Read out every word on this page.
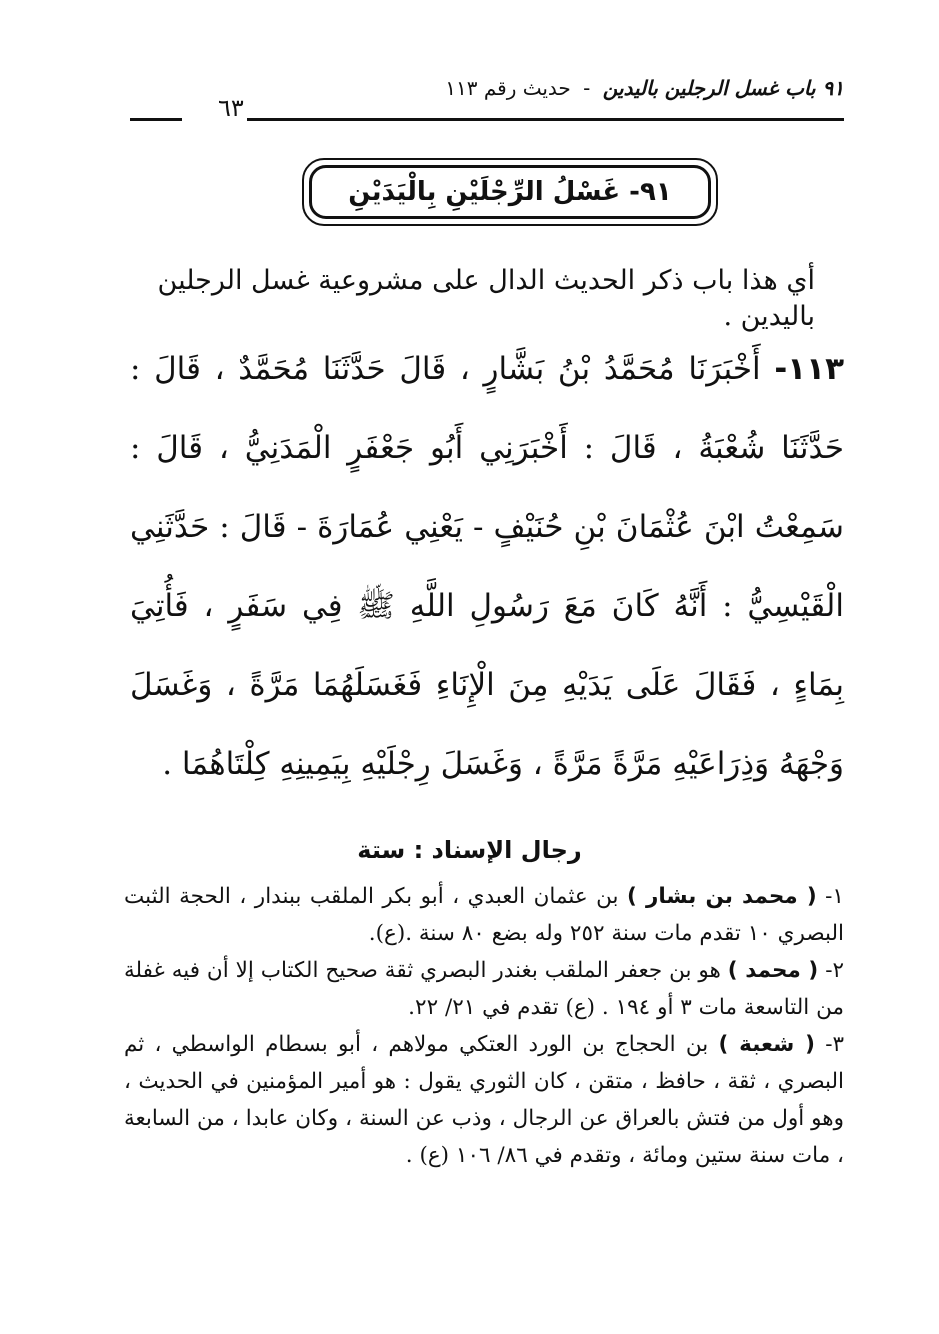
٩١ باب غسل الرجلين باليدين - حديث رقم ١١٣
٦٣
٩١- غَسْلُ الرِّجْلَيْنِ بِالْيَدَيْنِ
أي هذا باب ذكر الحديث الدال على مشروعية غسل الرجلين باليدين .
١١٣- أَخْبَرَنَا مُحَمَّدُ بْنُ بَشَّارٍ ، قَالَ حَدَّثَنَا مُحَمَّدٌ ، قَالَ : حَدَّثَنَا شُعْبَةُ ، قَالَ : أَخْبَرَنِي أَبُو جَعْفَرٍ الْمَدَنِيُّ ، قَالَ : سَمِعْتُ ابْنَ عُثْمَانَ بْنِ حُنَيْفٍ - يَعْنِي عُمَارَةَ - قَالَ : حَدَّثَنِي الْقَيْسِيُّ : أَنَّهُ كَانَ مَعَ رَسُولِ اللَّهِ ﷺ فِي سَفَرٍ ، فَأُتِيَ بِمَاءٍ ، فَقَالَ عَلَى يَدَيْهِ مِنَ الْإِنَاءِ فَغَسَلَهُمَا مَرَّةً ، وَغَسَلَ وَجْهَهُ وَذِرَاعَيْهِ مَرَّةً مَرَّةً ، وَغَسَلَ رِجْلَيْهِ بِيَمِينِهِ كِلْتَاهُمَا .
رجال الإسناد : ستة

١- ( محمد بن بشار ) بن عثمان العبدي ، أبو بكر الملقب ببندار ، الحجة الثبت البصري ١٠ تقدم مات سنة ٢٥٢ وله بضع ٨٠ سنة .(ع).

٢- ( محمد ) هو بن جعفر الملقب بغندر البصري ثقة صحيح الكتاب إلا أن فيه غفلة من التاسعة مات ٣ أو ١٩٤ . (ع) تقدم في ٢١/ ٢٢.

٣- ( شعبة ) بن الحجاج بن الورد العتكي مولاهم ، أبو بسطام الواسطي ، ثم البصري ، ثقة ، حافظ ، متقن ، كان الثوري يقول : هو أمير المؤمنين في الحديث ، وهو أول من فتش بالعراق عن الرجال ، وذب عن السنة ، وكان عابدا ، من السابعة ، مات سنة ستين ومائة ، وتقدم في ٨٦/ ١٠٦ (ع) .
